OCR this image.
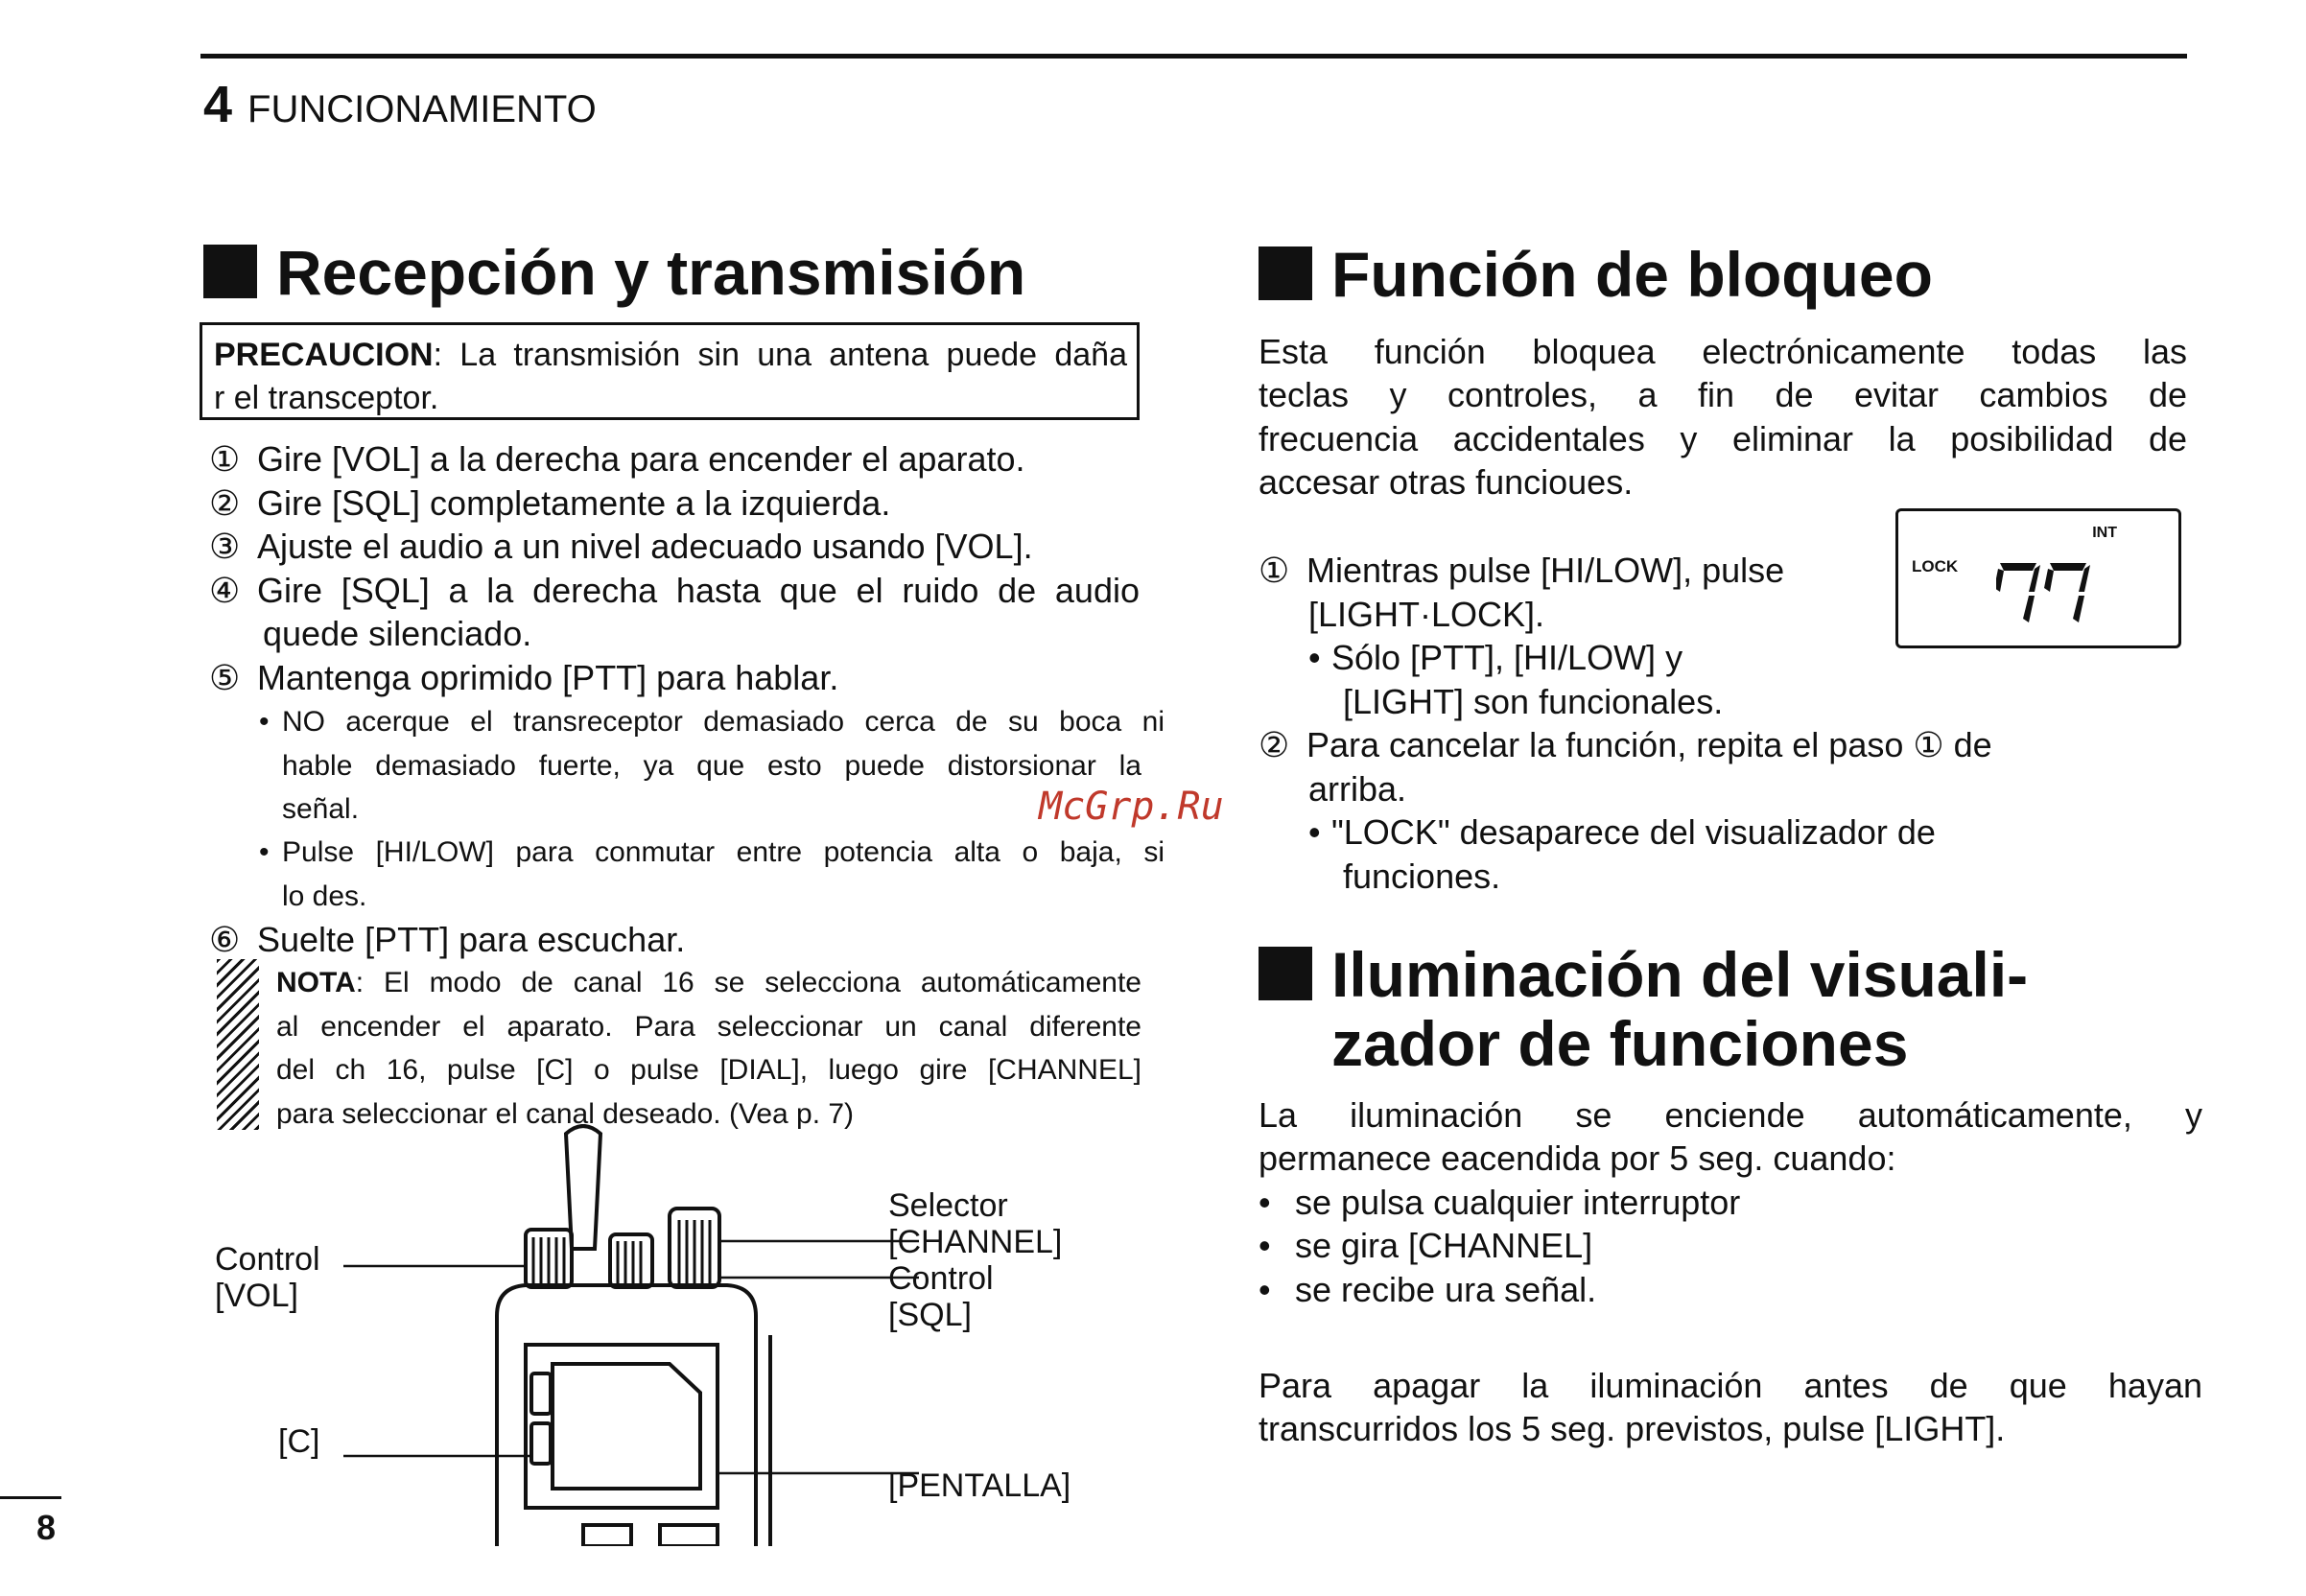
4 FUNCIONAMIENTO
Recepción y transmisión
PRECAUCION: La transmisión sin una antena puede daña
r el transceptor.
① Gire [VOL] a la derecha para encender el aparato.
② Gire [SQL] completamente a la izquierda.
③ Ajuste el audio a un nivel adecuado usando [VOL].
④ Gire [SQL] a la derecha hasta que el ruido de audio
quede silenciado.
⑤ Mantenga oprimido [PTT] para hablar.
• NO acerque el transreceptor demasiado cerca de su boca ni
hable demasiado fuerte, ya que esto puede distorsionar la
señal.
• Pulse [HI/LOW] para conmutar entre potencia alta o baja, si
lo des.
⑥ Suelte [PTT] para escuchar.
NOTA: El modo de canal 16 se selecciona automáticamente
al encender el aparato. Para seleccionar un canal diferente
del ch 16, pulse [C] o pulse [DIAL], luego gire [CHANNEL]
para seleccionar el canal deseado. (Vea p. 7)
Control
[VOL]
Selector
[CHANNEL]
Control
[SQL]
[C]
[PENTALLA]
McGrp.Ru
Función de bloqueo
Esta función bloquea electrónicamente todas las
teclas y controles, a fin de evitar cambios de
frecuencia accidentales y eliminar la posibilidad de
accesar otras funcioues.
① Mientras pulse [HI/LOW], pulse
[LIGHT·LOCK].
• Sólo [PTT], [HI/LOW] y
[LIGHT] son funcionales.
② Para cancelar la función, repita el paso ① de
arriba.
• "LOCK" desaparece del visualizador de
funciones.
INT
LOCK
Iluminación del visuali-
zador de funciones
La iluminación se enciende automáticamente, y
permanece eacendida por 5 seg. cuando:
• se pulsa cualquier interruptor
• se gira [CHANNEL]
• se recibe ura señal.
Para apagar la iluminación antes de que hayan
transcurridos los 5 seg. previstos, pulse [LIGHT].
8
